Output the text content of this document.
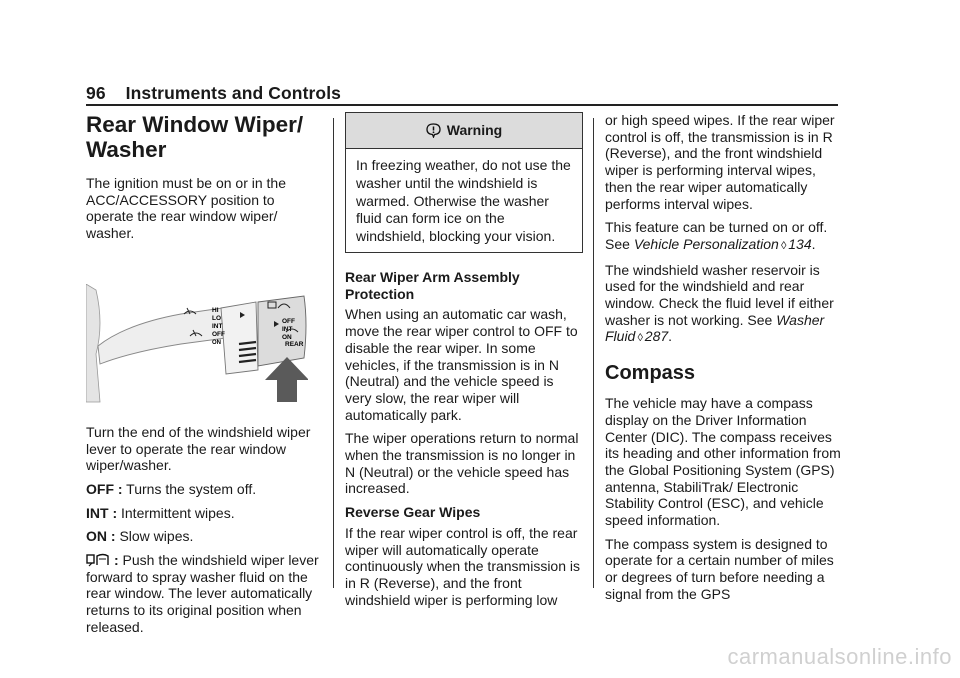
96 Instruments and Controls
Rear Window Wiper/
Washer

The ignition must be on or in the ACC/ACCESSORY position to operate the rear window wiper/ washer.

HI
LO
INT
OFF
ON
OFF
INT
ON
REAR

Turn the end of the windshield wiper lever to operate the rear window wiper/washer.

OFF : Turns the system off.

INT : Intermittent wipes.

ON : Slow wipes.

: Push the windshield wiper lever forward to spray washer fluid on the rear window. The lever automatically returns to its original position when released.

Warning
In freezing weather, do not use the washer until the windshield is warmed. Otherwise the washer fluid can form ice on the windshield, blocking your vision.

Rear Wiper Arm Assembly Protection

When using an automatic car wash, move the rear wiper control to OFF to disable the rear wiper. In some vehicles, if the transmission is in N (Neutral) and the vehicle speed is very slow, the rear wiper will automatically park.

The wiper operations return to normal when the transmission is no longer in N (Neutral) or the vehicle speed has increased.

Reverse Gear Wipes

If the rear wiper control is off, the rear wiper will automatically operate continuously when the transmission is in R (Reverse), and the front windshield wiper is performing low

or high speed wipes. If the rear wiper control is off, the transmission is in R (Reverse), and the front windshield wiper is performing interval wipes, then the rear wiper automatically performs interval wipes.

This feature can be turned on or off. See Vehicle Personalization ◊ 134.

The windshield washer reservoir is used for the windshield and rear window. Check the fluid level if either washer is not working. See Washer Fluid ◊ 287.

Compass

The vehicle may have a compass display on the Driver Information Center (DIC). The compass receives its heading and other information from the Global Positioning System (GPS) antenna, StabiliTrak/ Electronic Stability Control (ESC), and vehicle speed information.

The compass system is designed to operate for a certain number of miles or degrees of turn before needing a signal from the GPS

carmanualsonline.info
